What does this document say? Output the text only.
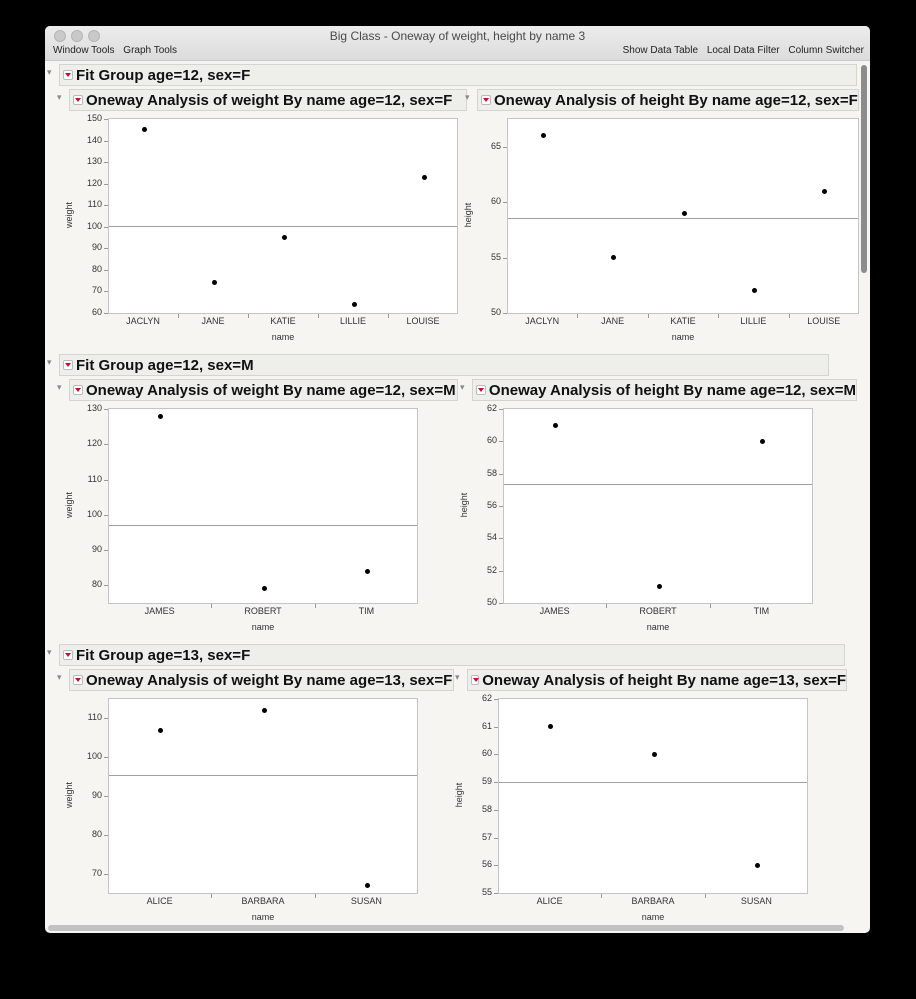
Big Class - Oneway of weight, height by name 3
Window Tools Graph Tools	Show Data Table Local Data Filter Column Switcher
▾ Fit Group age=12, sex=F
▾ Oneway Analysis of weight By name age=12, sex=F ▾ Oneway Analysis of height By name age=12, sex=F
JACLYN	JANE	KATIE	LILLIE	LOUISE
60
70
80
90
100
110
120
130
140
150
name
weight
JACLYN	JANE	KATIE	LILLIE	LOUISE
50
55
60
65
name
height
▾ Fit Group age=12, sex=M
▾ Oneway Analysis of weight By name age=12, sex=M ▾ Oneway Analysis of height By name age=12, sex=M
JAMES	ROBERT	TIM
80
90
100
110
120
130
name
weight
JAMES	ROBERT	TIM
50
52
54
56
58
60
62
name
height
▾ Fit Group age=13, sex=F
▾ Oneway Analysis of weight By name age=13, sex=F ▾ Oneway Analysis of height By name age=13, sex=F
ALICE	BARBARA	SUSAN
70
80
90
100
110
name
weight
ALICE	BARBARA	SUSAN
55
56
57
58
59
60
61
62
name
height
